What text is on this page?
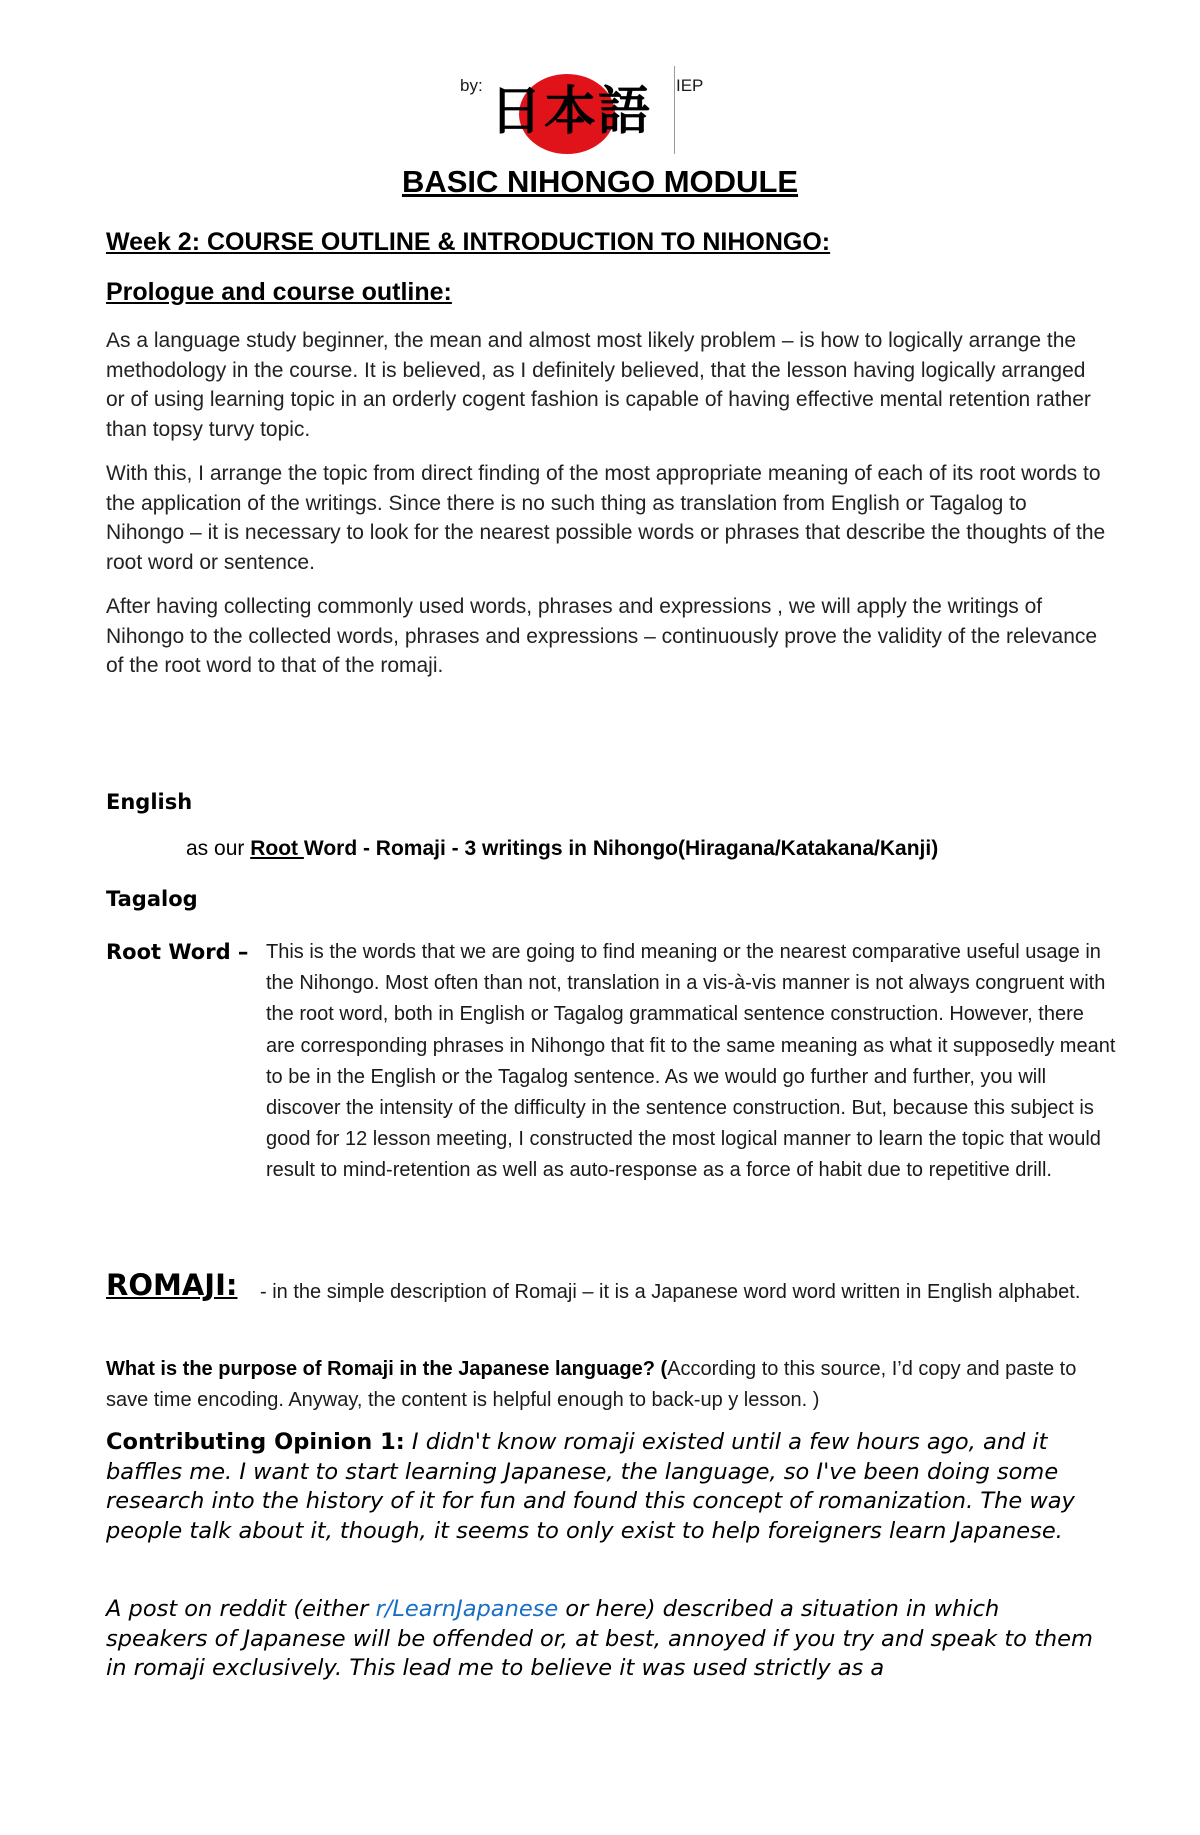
by: 日本語	IEP
BASIC NIHONGO MODULE
Week 2: COURSE OUTLINE & INTRODUCTION TO NIHONGO:
Prologue and course outline:

As a language study beginner, the mean and almost most likely problem – is how to logically arrange the methodology in the course. It is believed, as I definitely believed, that the lesson having logically arranged or of using learning topic in an orderly cogent fashion is capable of having effective mental retention rather than topsy turvy topic.

With this, I arrange the topic from direct finding of the most appropriate meaning of each of its root words to the application of the writings. Since there is no such thing as translation from English or Tagalog to Nihongo – it is necessary to look for the nearest possible words or phrases that describe the thoughts of the root word or sentence.

After having collecting commonly used words, phrases and expressions , we will apply the writings of Nihongo to the collected words, phrases and expressions – continuously prove the validity of the relevance of the root word to that of the romaji.

English
as our Root Word - Romaji - 3 writings in Nihongo(Hiragana/Katakana/Kanji)
Tagalog
Root Word – This is the words that we are going to find meaning or the nearest comparative useful usage in the Nihongo. Most often than not, translation in a vis-à-vis manner is not always congruent with the root word, both in English or Tagalog grammatical sentence construction. However, there are corresponding phrases in Nihongo that fit to the same meaning as what it supposedly meant to be in the English or the Tagalog sentence. As we would go further and further, you will discover the intensity of the difficulty in the sentence construction. But, because this subject is good for 12 lesson meeting, I constructed the most logical manner to learn the topic that would result to mind-retention as well as auto-response as a force of habit due to repetitive drill.
ROMAJI: - in the simple description of Romaji – it is a Japanese word word written in English alphabet.
What is the purpose of Romaji in the Japanese language? (According to this source, I’d copy and paste to save time encoding. Anyway, the content is helpful enough to back-up y lesson. )
Contributing Opinion 1: I didn't know romaji existed until a few hours ago, and it baffles me. I want to start learning Japanese, the language, so I've been doing some research into the history of it for fun and found this concept of romanization. The way people talk about it, though, it seems to only exist to help foreigners learn Japanese.
A post on reddit (either r/LearnJapanese or here) described a situation in which speakers of Japanese will be offended or, at best, annoyed if you try and speak to them in romaji exclusively. This lead me to believe it was used strictly as a
